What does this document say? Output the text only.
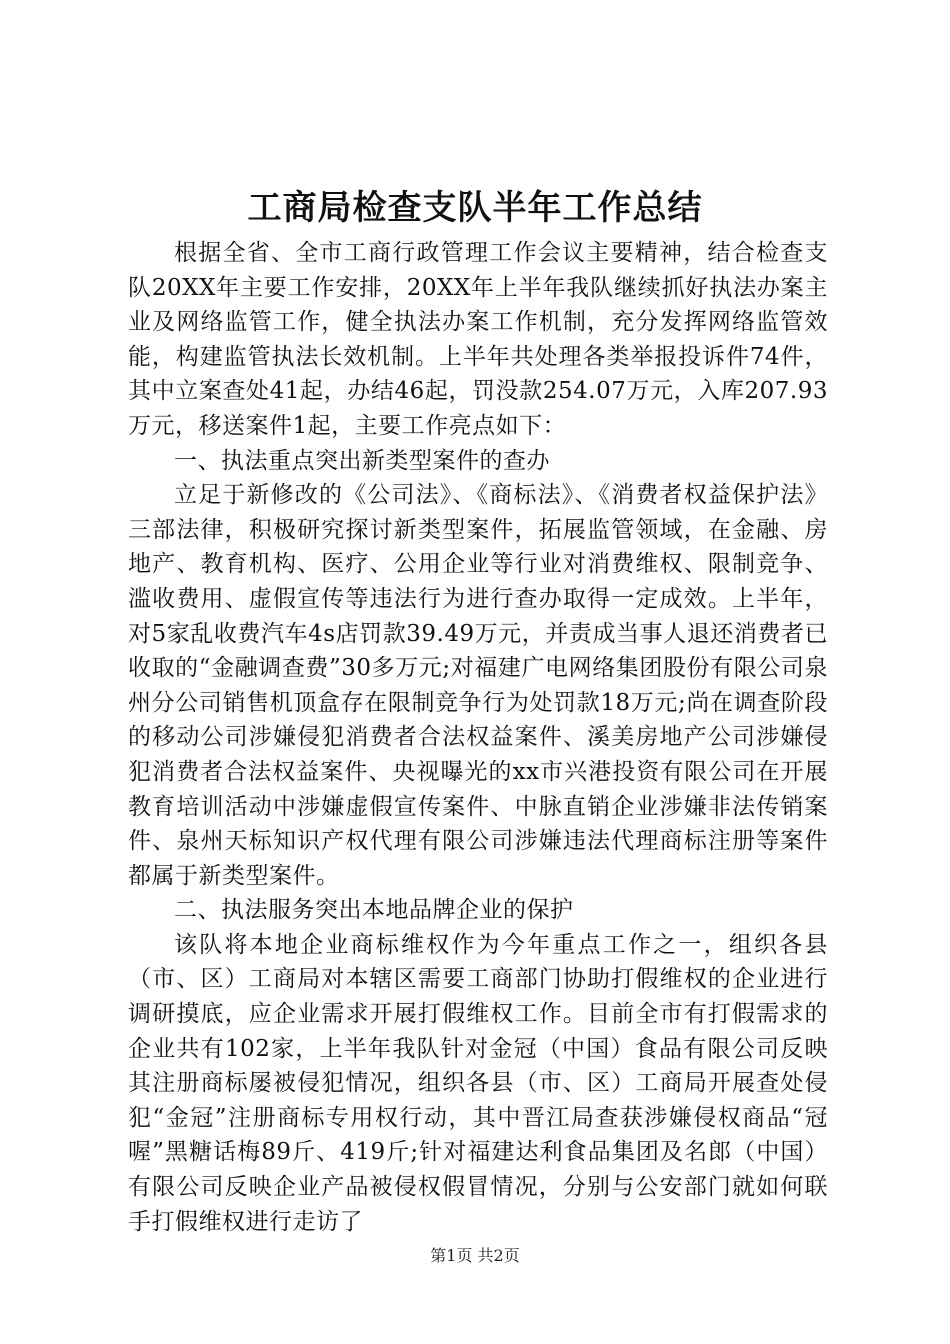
工商局检查支队半年工作总结

根据全省、全市工商行政管理工作会议主要精神，结合检查支队20XX年主要工作安排，20XX年上半年我队继续抓好执法办案主业及网络监管工作，健全执法办案工作机制，充分发挥网络监管效能，构建监管执法长效机制。上半年共处理各类举报投诉件74件，其中立案查处41起，办结46起，罚没款254.07万元，入库207.93万元，移送案件1起，主要工作亮点如下：

一、执法重点突出新类型案件的查办

立足于新修改的《公司法》、《商标法》、《消费者权益保护法》三部法律，积极研究探讨新类型案件，拓展监管领域，在金融、房地产、教育机构、医疗、公用企业等行业对消费维权、限制竞争、滥收费用、虚假宣传等违法行为进行查办取得一定成效。上半年，对5家乱收费汽车4s店罚款39.49万元，并责成当事人退还消费者已收取的“金融调查费”30多万元;对福建广电网络集团股份有限公司泉州分公司销售机顶盒存在限制竞争行为处罚款18万元;尚在调查阶段的移动公司涉嫌侵犯消费者合法权益案件、溪美房地产公司涉嫌侵犯消费者合法权益案件、央视曝光的xx市兴港投资有限公司在开展教育培训活动中涉嫌虚假宣传案件、中脉直销企业涉嫌非法传销案件、泉州天标知识产权代理有限公司涉嫌违法代理商标注册等案件都属于新类型案件。

二、执法服务突出本地品牌企业的保护

该队将本地企业商标维权作为今年重点工作之一，组织各县（市、区）工商局对本辖区需要工商部门协助打假维权的企业进行调研摸底，应企业需求开展打假维权工作。目前全市有打假需求的企业共有102家，上半年我队针对金冠（中国）食品有限公司反映其注册商标屡被侵犯情况，组织各县（市、区）工商局开展查处侵犯“金冠”注册商标专用权行动，其中晋江局查获涉嫌侵权商品“冠喔”黑糖话梅89斤、419斤;针对福建达利食品集团及名郎（中国）有限公司反映企业产品被侵权假冒情况，分别与公安部门就如何联手打假维权进行走访了

第1页 共2页
